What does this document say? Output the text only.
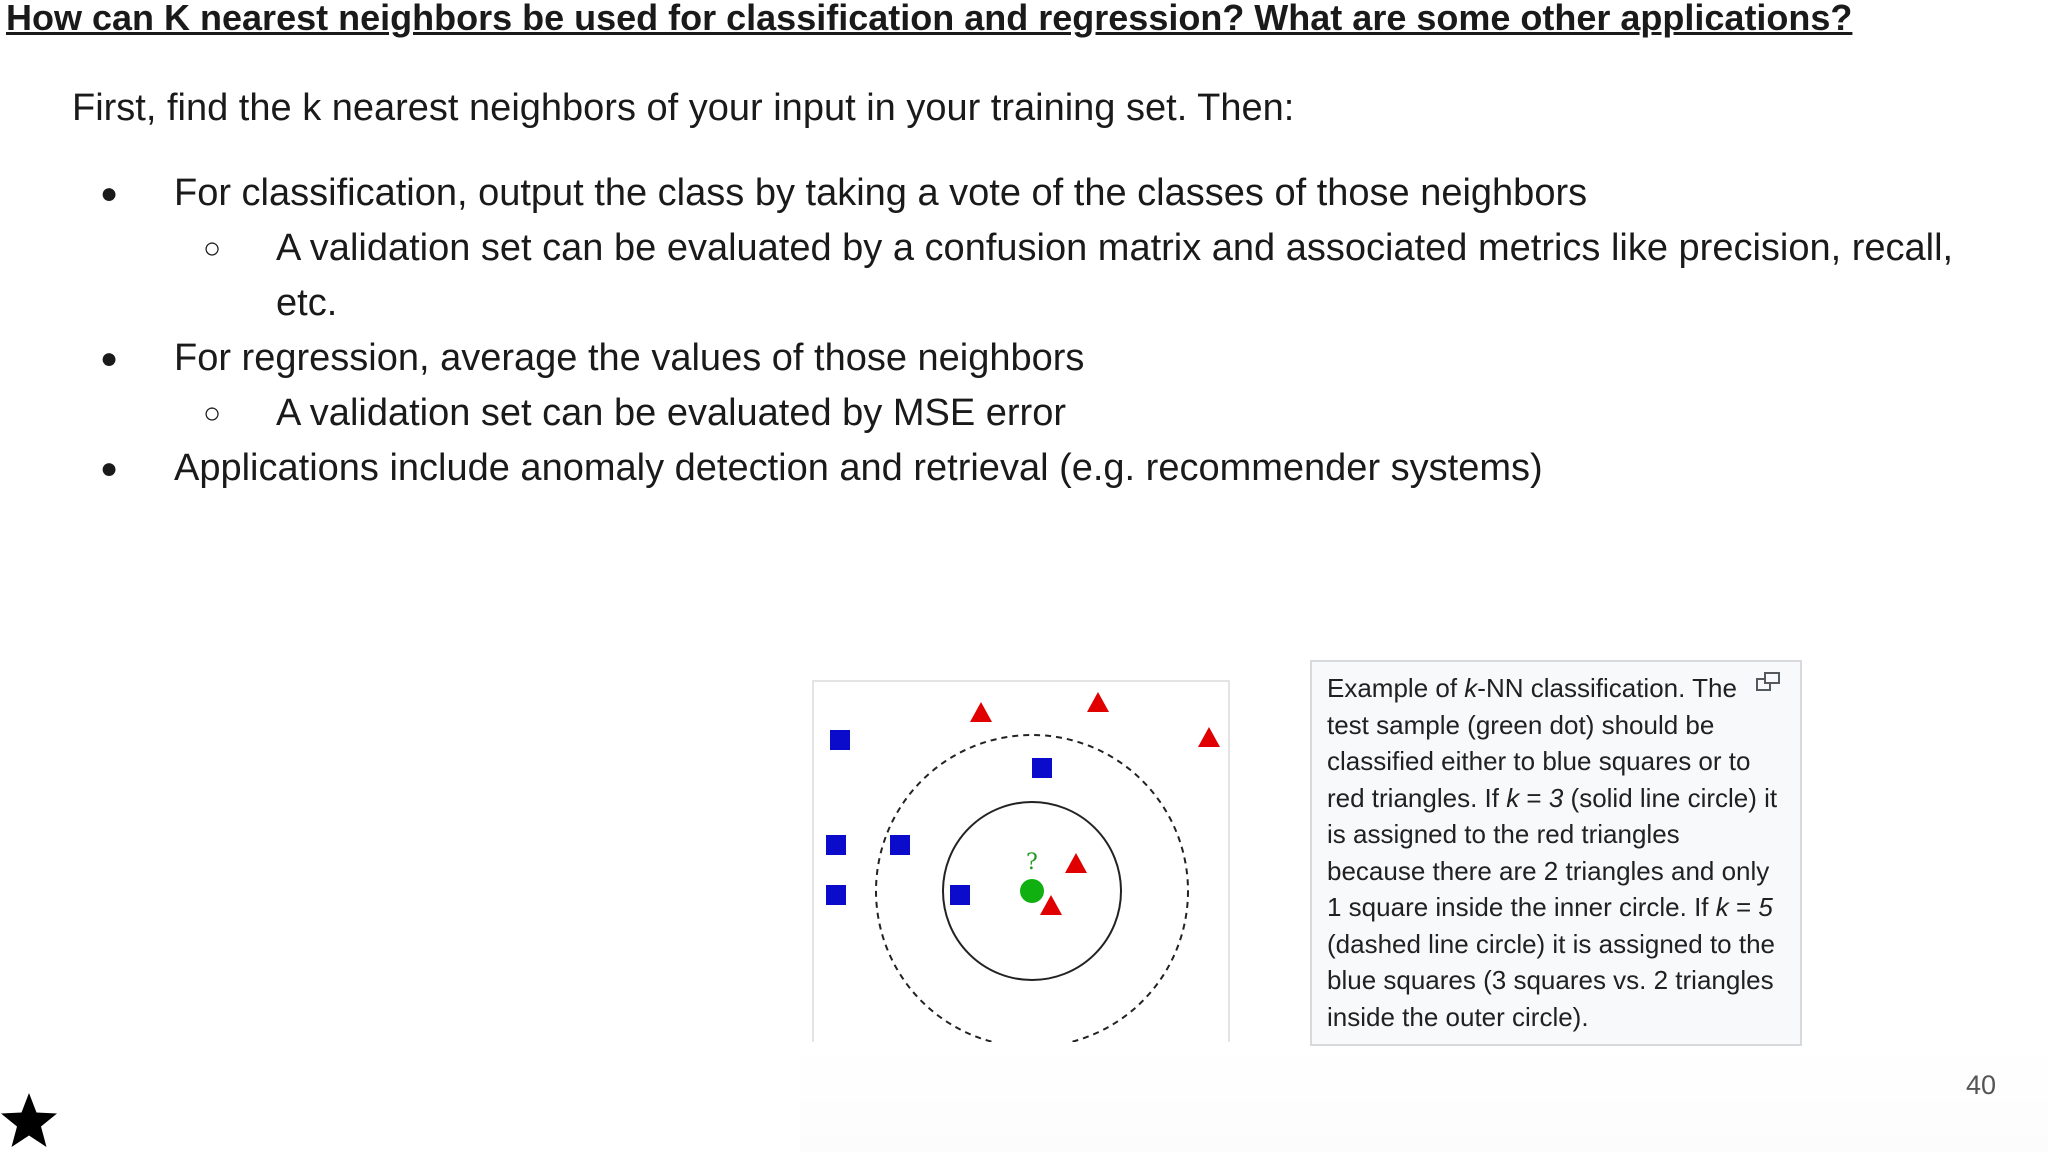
How can K nearest neighbors be used for classification and regression? What are some other applications?

First, find the k nearest neighbors of your input in your training set. Then:

● For classification, output the class by taking a vote of the classes of those neighbors
○ A validation set can be evaluated by a confusion matrix and associated metrics like precision, recall, etc.
● For regression, average the values of those neighbors
○ A validation set can be evaluated by MSE error
● Applications include anomaly detection and retrieval (e.g. recommender systems)
?
Example of k-NN classification. The test sample (green dot) should be classified either to blue squares or to red triangles. If k = 3 (solid line circle) it is assigned to the red triangles because there are 2 triangles and only 1 square inside the inner circle. If k = 5 (dashed line circle) it is assigned to the blue squares (3 squares vs. 2 triangles inside the outer circle).
40
